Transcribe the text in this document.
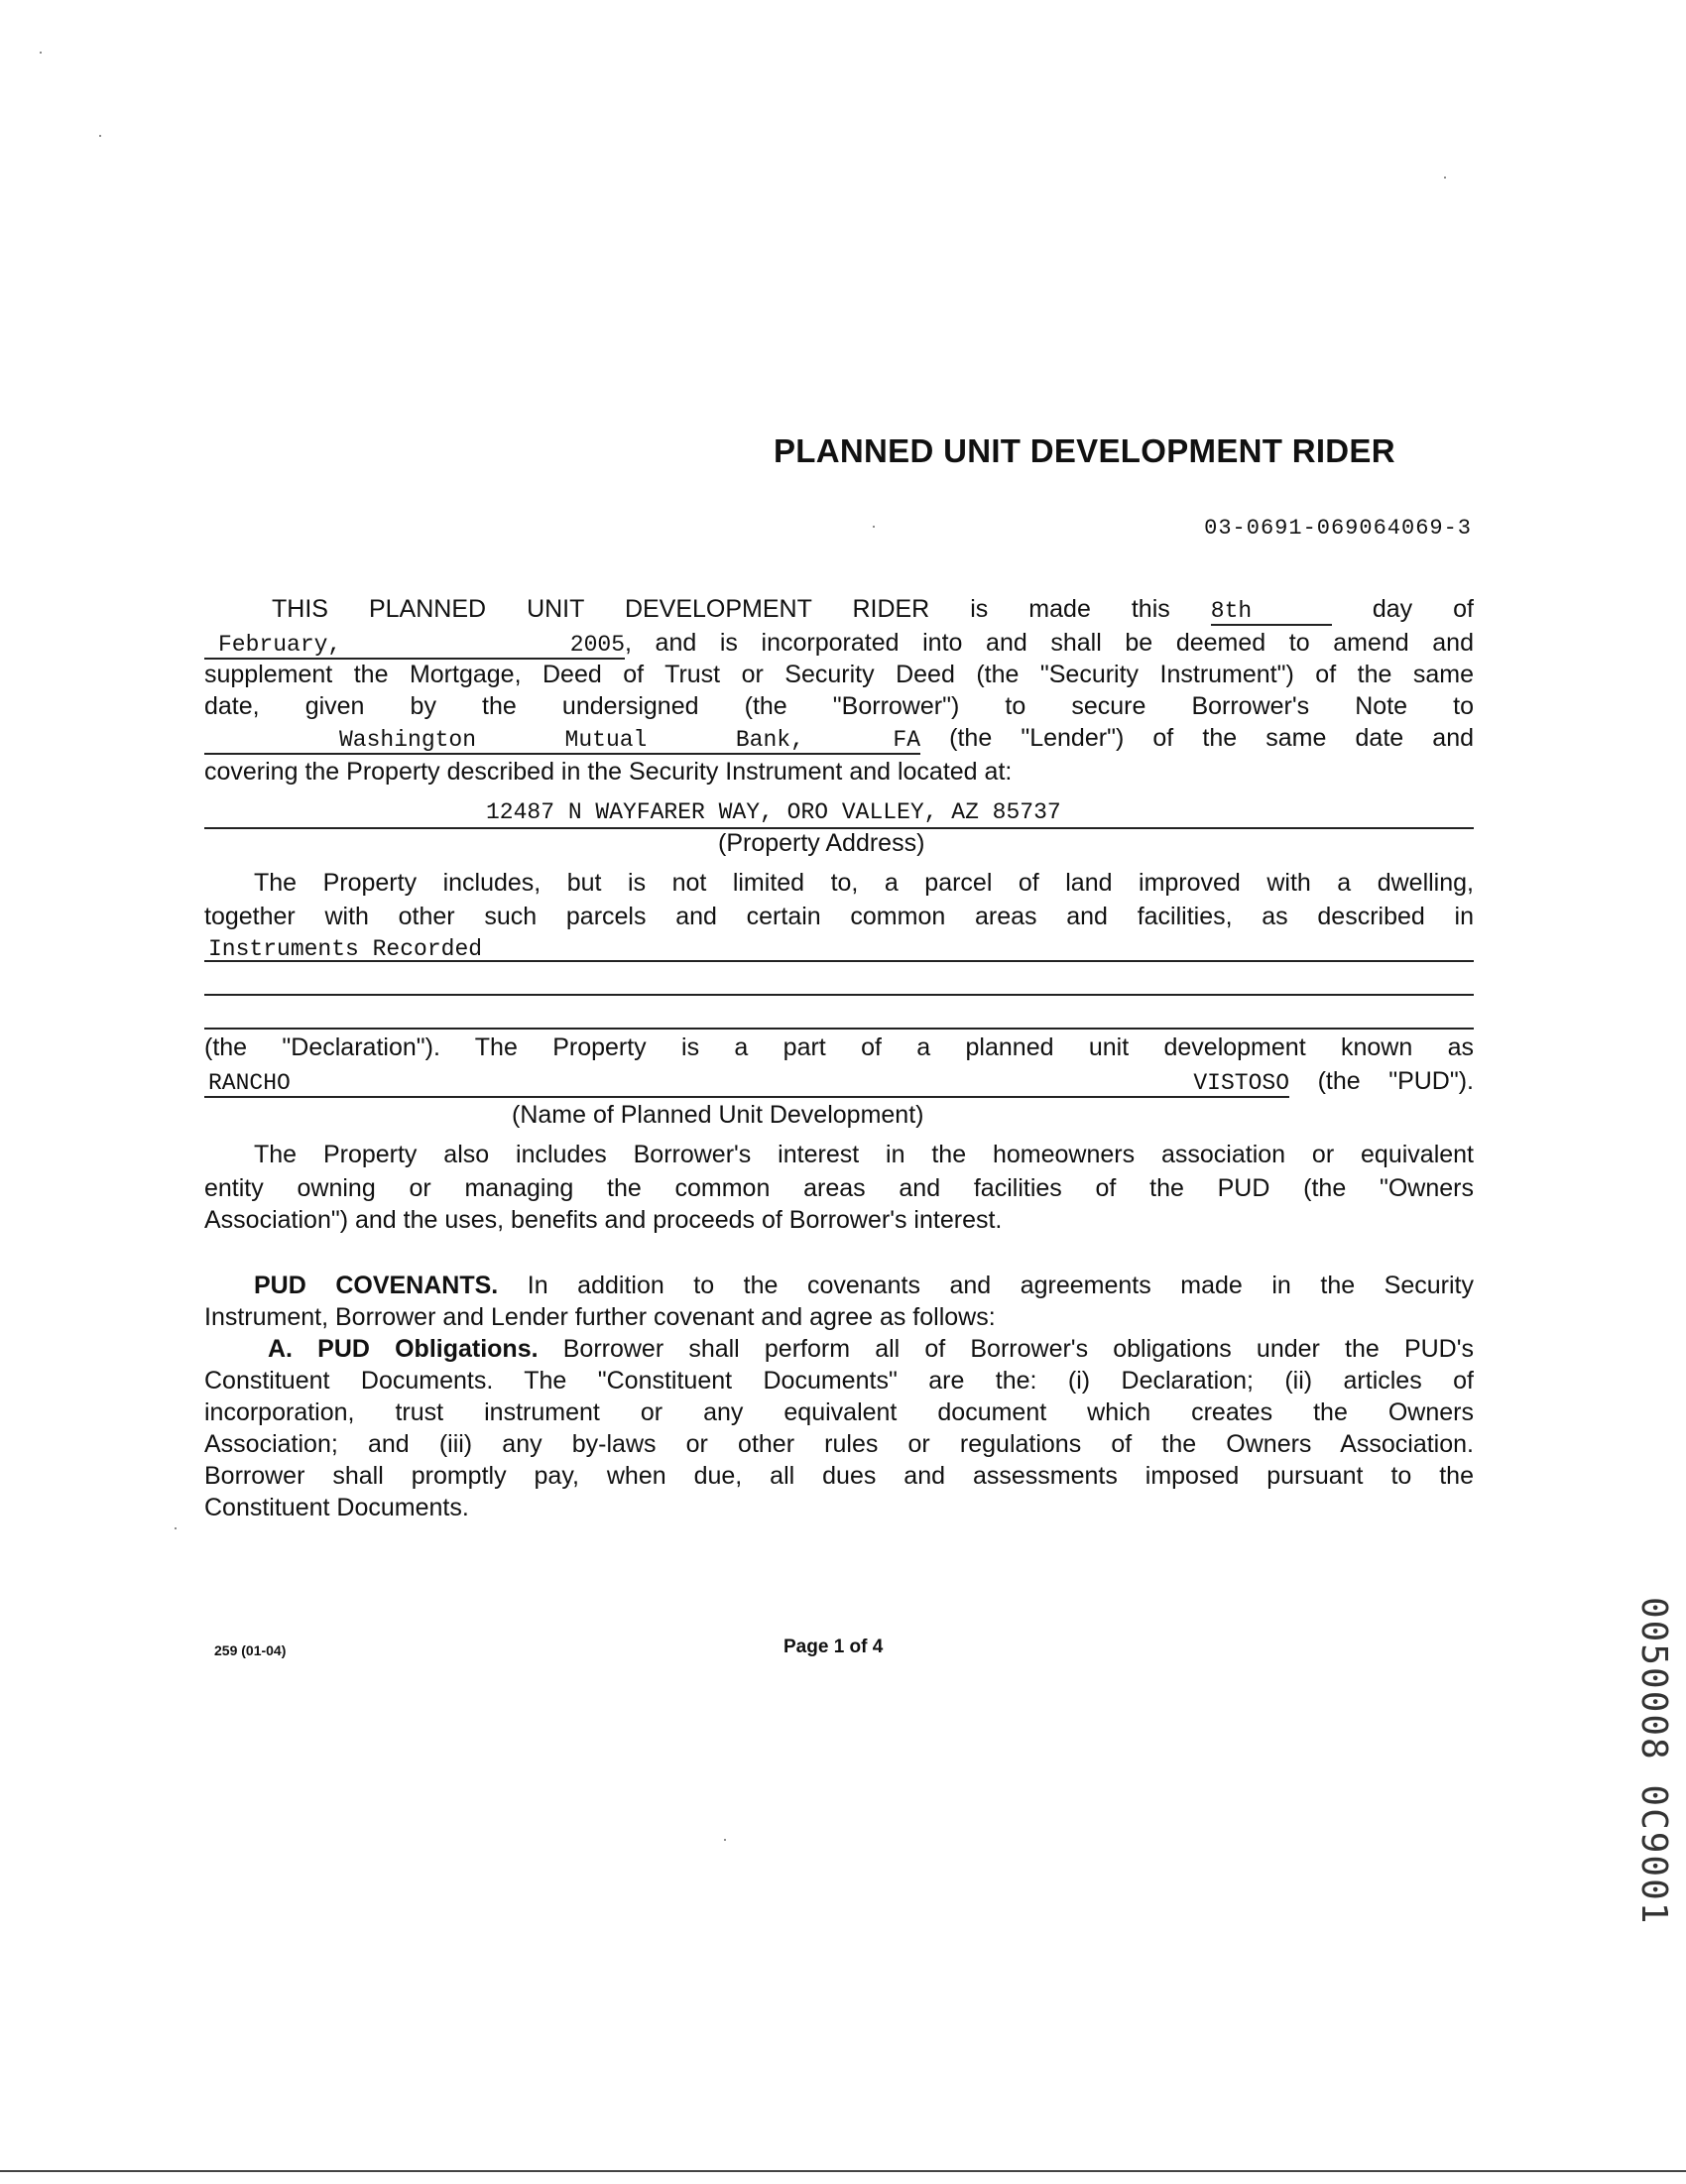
PLANNED UNIT DEVELOPMENT RIDER
03-0691-069064069-3
THIS PLANNED UNIT DEVELOPMENT RIDER is made this 8th	day of
February, 2005, and is incorporated into and shall be deemed to amend and
supplement the Mortgage, Deed of Trust or Security Deed (the "Security Instrument") of the same
date, given by the undersigned (the "Borrower") to secure Borrower's Note to
Washington Mutual Bank, FA (the "Lender") of the same date and
covering the Property described in the Security Instrument and located at:
12487 N WAYFARER WAY, ORO VALLEY, AZ 85737
(Property Address)
The Property includes, but is not limited to, a parcel of land improved with a dwelling,
together with other such parcels and certain common areas and facilities, as described in
Instruments Recorded
(the "Declaration"). The Property is a part of a planned unit development known as
RANCHO VISTOSO (the "PUD").
(Name of Planned Unit Development)
The Property also includes Borrower's interest in the homeowners association or equivalent
entity owning or managing the common areas and facilities of the PUD (the "Owners
Association") and the uses, benefits and proceeds of Borrower's interest.
PUD COVENANTS. In addition to the covenants and agreements made in the Security
Instrument, Borrower and Lender further covenant and agree as follows:
A. PUD Obligations. Borrower shall perform all of Borrower's obligations under the PUD's
Constituent Documents. The "Constituent Documents" are the: (i) Declaration; (ii) articles of
incorporation, trust instrument or any equivalent document which creates the Owners
Association; and (iii) any by-laws or other rules or regulations of the Owners Association.
Borrower shall promptly pay, when due, all dues and assessments imposed pursuant to the
Constituent Documents.
259 (01-04)	Page 1 of 4	0050008 0C9001
